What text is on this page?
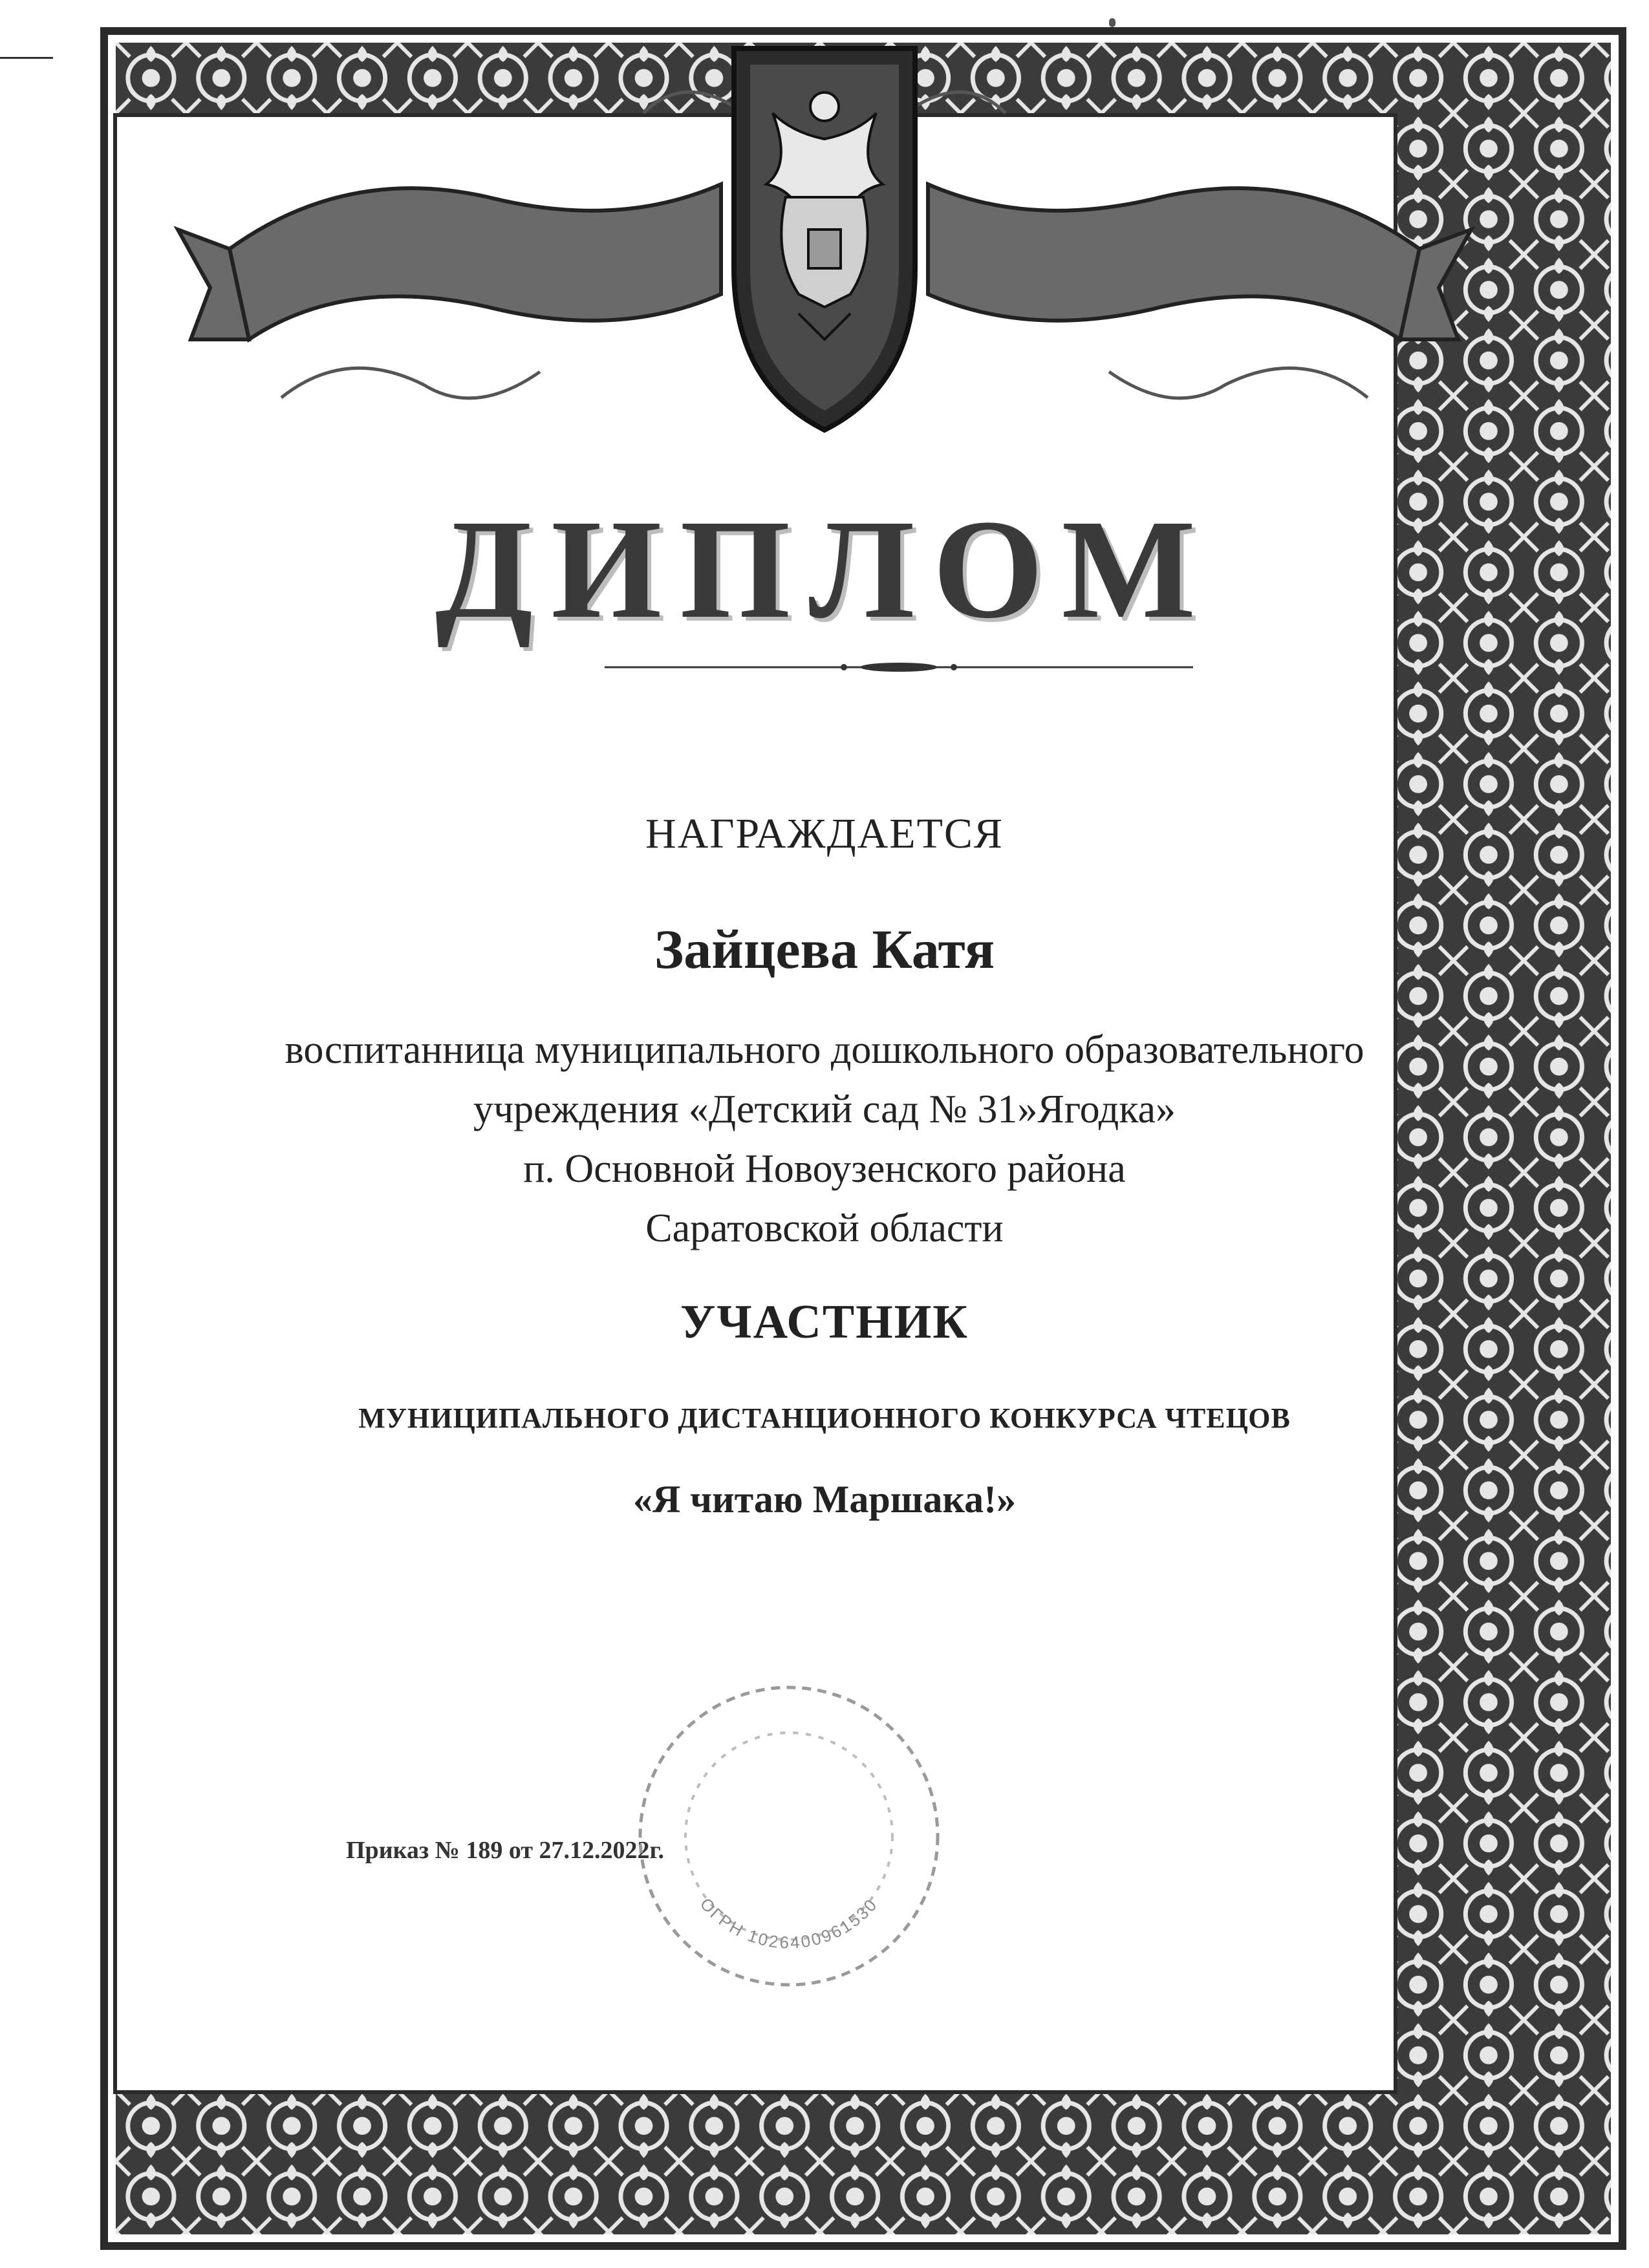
ДИПЛОМ
НАГРАЖДАЕТСЯ
Зайцева Катя
воспитанница муниципального дошкольного образовательного
учреждения «Детский сад № 31»Ягодка»
п. Основной Новоузенского района
Саратовской области
УЧАСТНИК
МУНИЦИПАЛЬНОГО ДИСТАНЦИОННОГО КОНКУРСА ЧТЕЦОВ
«Я читаю Маршака!»
Приказ № 189 от 27.12.2022г.
ОГРН 1026400961530
